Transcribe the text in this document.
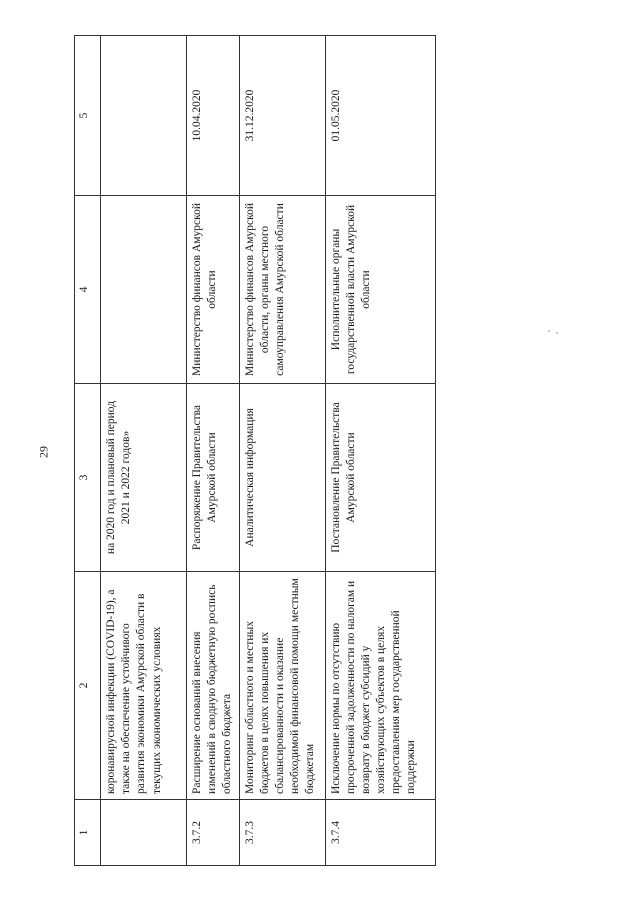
29
1	2	3	4	5
	коронавирусной инфекции (COVID-19), а также на обеспечение устойчивого развития экономики Амурской области в текущих экономических условиях	на 2020 год и плановый период 2021 и 2022 годов»		
3.7.2	Расширение оснований внесения изменений в сводную бюджетную роспись областного бюджета	Распоряжение Правительства Амурской области	Министерство финансов Амурской области	10.04.2020
3.7.3	Мониторинг областного и местных бюджетов в целях повышения их сбалансированности и оказание необходимой финансовой помощи местным бюджетам	Аналитическая информация	Министерство финансов Амурской области, органы местного самоуправления Амурской области	31.12.2020
3.7.4	Исключение нормы по отсутствию просроченной задолженности по налогам и возврату в бюджет субсидий у хозяйствующих субъектов в целях предоставления мер государственной поддержки	Постановление Правительства Амурской области	Исполнительные органы государственной власти Амурской области	01.05.2020
